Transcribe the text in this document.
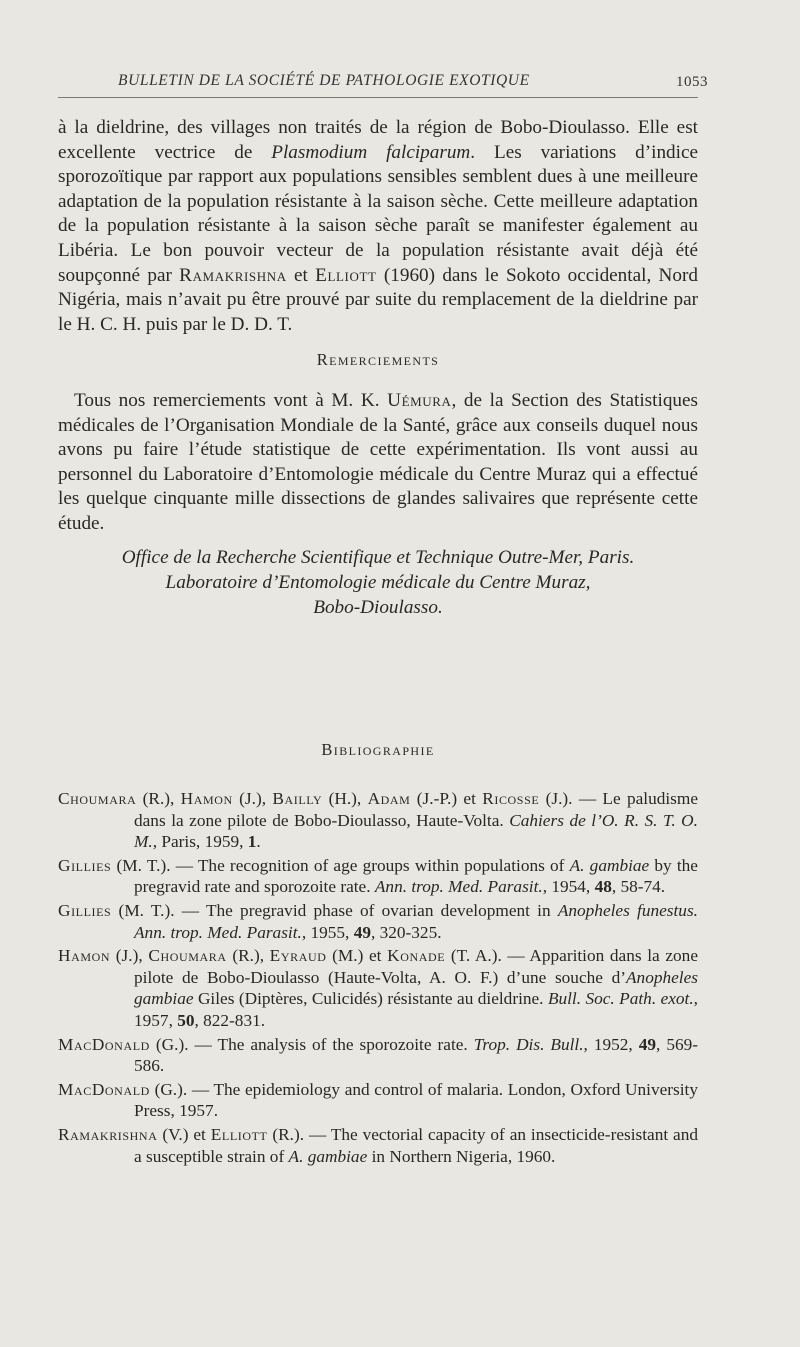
BULLETIN DE LA SOCIÉTÉ DE PATHOLOGIE EXOTIQUE	1053

à la dieldrine, des villages non traités de la région de Bobo-Dioulasso. Elle est excellente vectrice de Plasmodium falciparum. Les variations d’indice sporozoïtique par rapport aux populations sensibles semblent dues à une meilleure adaptation de la population résistante à la saison sèche. Cette meilleure adaptation de la population résistante à la saison sèche paraît se manifester également au Libéria. Le bon pouvoir vecteur de la population résistante avait déjà été soupçonné par Ramakrishna et Elliott (1960) dans le Sokoto occidental, Nord Nigéria, mais n’avait pu être prouvé par suite du remplacement de la dieldrine par le H. C. H. puis par le D. D. T.

Remerciements

Tous nos remerciements vont à M. K. Uémura, de la Section des Statistiques médicales de l’Organisation Mondiale de la Santé, grâce aux conseils duquel nous avons pu faire l’étude statistique de cette expérimentation. Ils vont aussi au personnel du Laboratoire d’Entomologie médicale du Centre Muraz qui a effectué les quelque cinquante mille dissections de glandes salivaires que représente cette étude.

Office de la Recherche Scientifique et Technique Outre-Mer, Paris.
Laboratoire d’Entomologie médicale du Centre Muraz,
Bobo-Dioulasso.
Bibliographie

Choumara (R.), Hamon (J.), Bailly (H.), Adam (J.-P.) et Ricosse (J.). — Le paludisme dans la zone pilote de Bobo-Dioulasso, Haute-Volta. Cahiers de l’O. R. S. T. O. M., Paris, 1959, 1.

Gillies (M. T.). — The recognition of age groups within populations of A. gambiae by the pregravid rate and sporozoite rate. Ann. trop. Med. Parasit., 1954, 48, 58-74.

Gillies (M. T.). — The pregravid phase of ovarian development in Anopheles funestus. Ann. trop. Med. Parasit., 1955, 49, 320-325.

Hamon (J.), Choumara (R.), Eyraud (M.) et Konade (T. A.). — Apparition dans la zone pilote de Bobo-Dioulasso (Haute-Volta, A. O. F.) d’une souche d’Anopheles gambiae Giles (Diptères, Culicidés) résistante au dieldrine. Bull. Soc. Path. exot., 1957, 50, 822-831.

MacDonald (G.). — The analysis of the sporozoite rate. Trop. Dis. Bull., 1952, 49, 569-586.

MacDonald (G.). — The epidemiology and control of malaria. London, Oxford University Press, 1957.

Ramakrishna (V.) et Elliott (R.). — The vectorial capacity of an insecticide-resistant and a susceptible strain of A. gambiae in Northern Nigeria, 1960.
